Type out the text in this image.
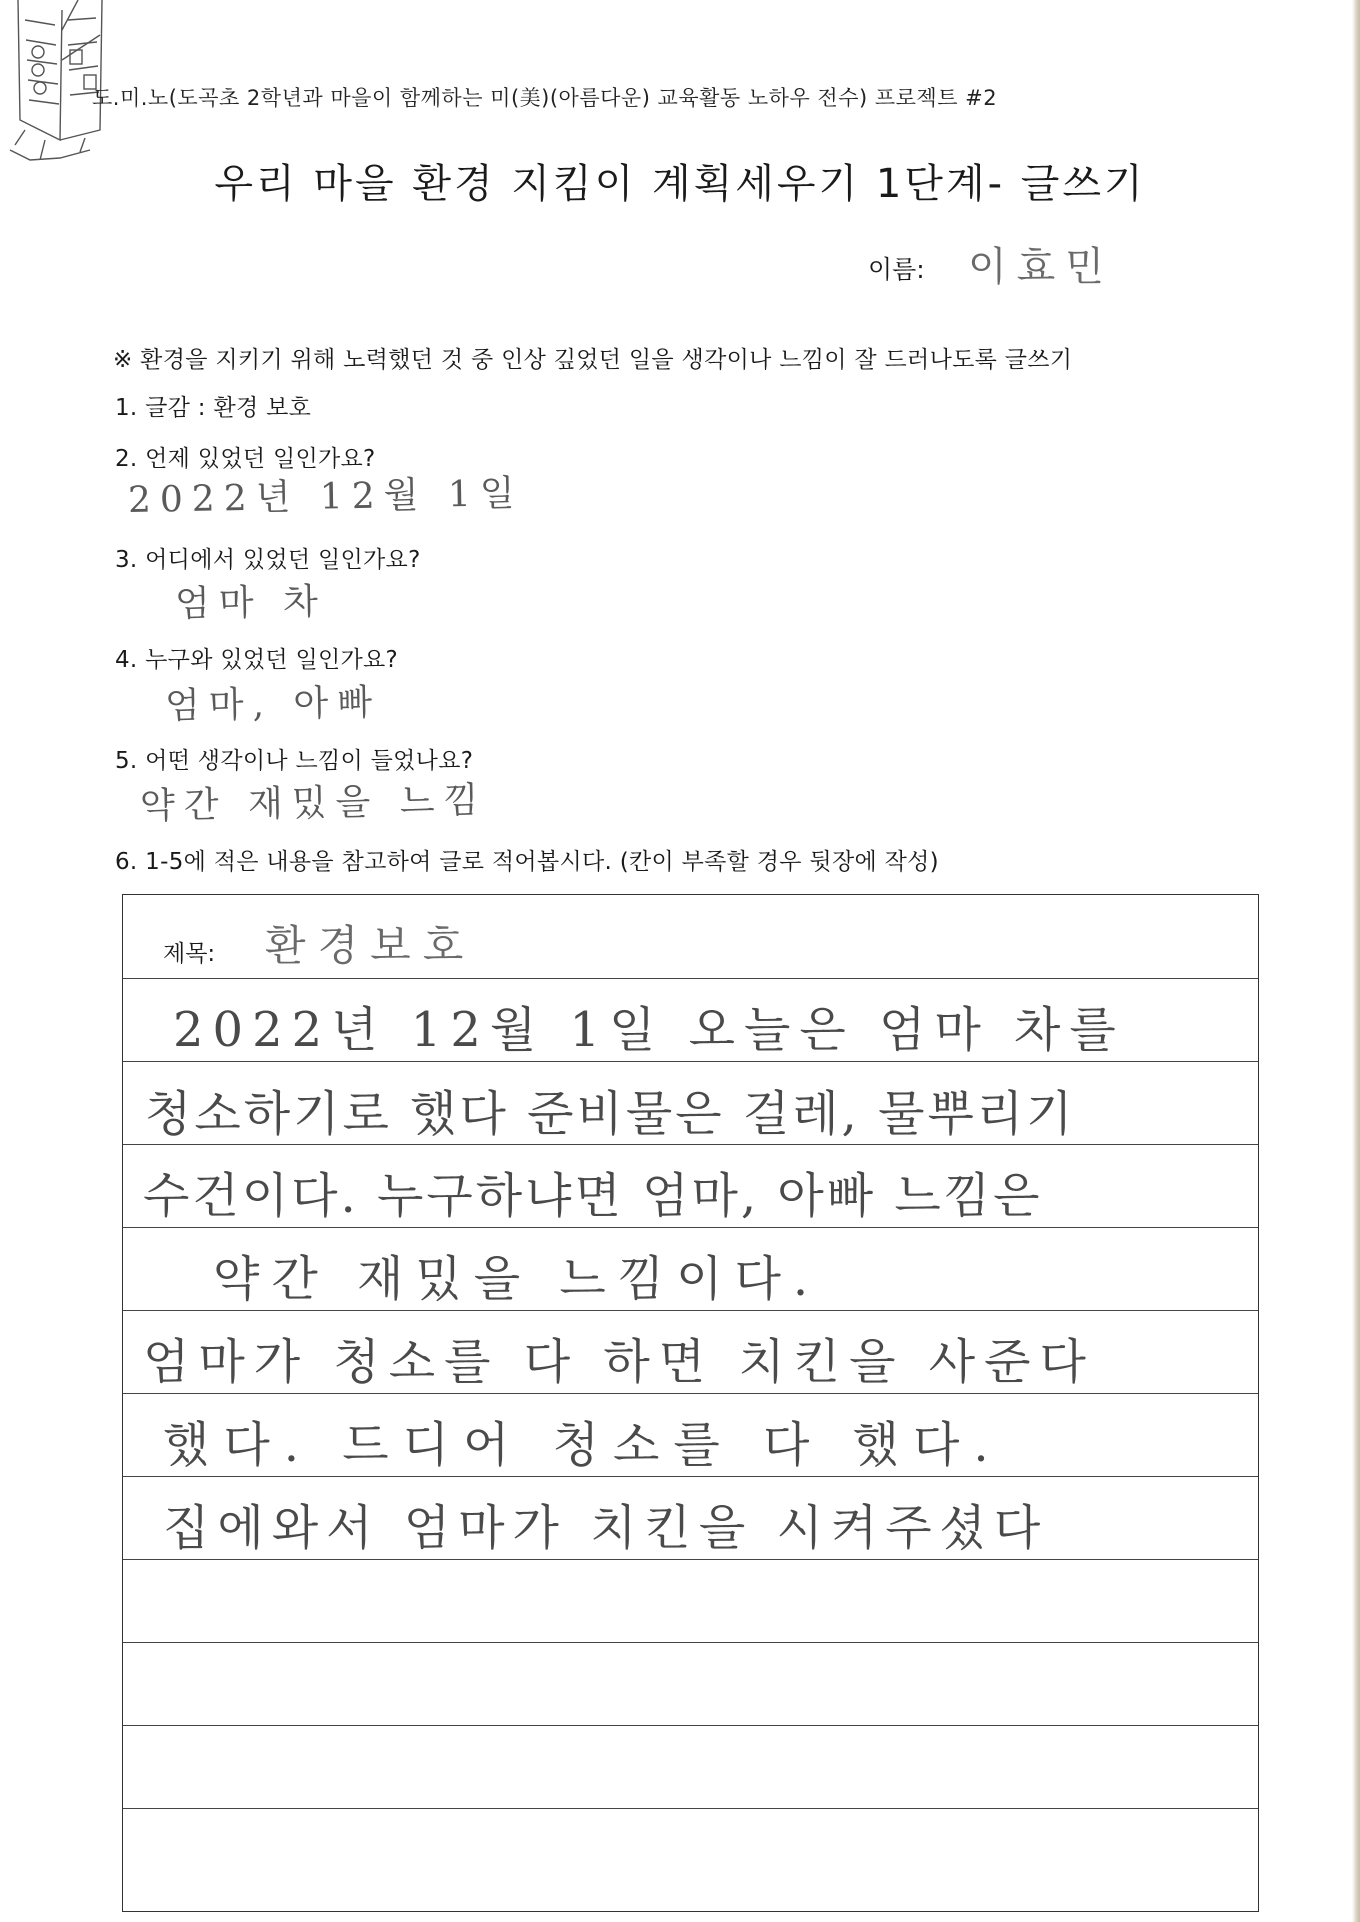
도.미.노(도곡초 2학년과 마을이 함께하는 미(美)(아름다운) 교육활동 노하우 전수) 프로젝트 #2
우리 마을 환경 지킴이 계획세우기 1단계- 글쓰기
이름: 이효민
※ 환경을 지키기 위해 노력했던 것 중 인상 깊었던 일을 생각이나 느낌이 잘 드러나도록 글쓰기
1. 글감 : 환경 보호
2. 언제 있었던 일인가요?
2022년 12월 1일
3. 어디에서 있었던 일인가요?
엄마 차
4. 누구와 있었던 일인가요?
엄마, 아빠
5. 어떤 생각이나 느낌이 들었나요?
약간 재밌을 느낌
6. 1-5에 적은 내용을 참고하여 글로 적어봅시다. (칸이 부족할 경우 뒷장에 작성)
제목: 환경보호
2022년 12월 1일 오늘은 엄마 차를
청소하기로 했다 준비물은 걸레, 물뿌리기
수건이다. 누구하냐면 엄마, 아빠 느낌은
약간 재밌을 느낌이다.
엄마가 청소를 다 하면 치킨을 사준다
했다. 드디어 청소를 다 했다.
집에와서 엄마가 치킨을 시켜주셨다
